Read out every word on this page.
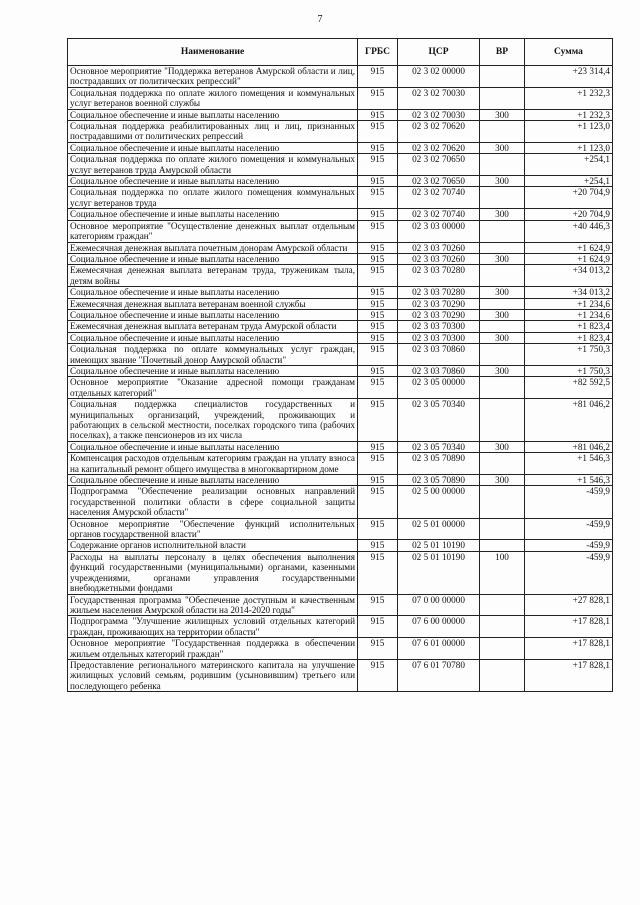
7
Наименование	ГРБС	ЦСР	ВР	Сумма
Основное мероприятие "Поддержка ветеранов Амурской области и лиц, пострадавших от политических репрессий"	915	02 3 02 00000		+23 314,4
Социальная поддержка по оплате жилого помещения и коммунальных услуг ветеранов военной службы	915	02 3 02 70030		+1 232,3
Социальное обеспечение и иные выплаты населению	915	02 3 02 70030	300	+1 232,3
Социальная поддержка реабилитированных лиц и лиц, признанных пострадавшими от политических репрессий	915	02 3 02 70620		+1 123,0
Социальное обеспечение и иные выплаты населению	915	02 3 02 70620	300	+1 123,0
Социальная поддержка по оплате жилого помещения и коммунальных услуг ветеранов труда Амурской области	915	02 3 02 70650		+254,1
Социальное обеспечение и иные выплаты населению	915	02 3 02 70650	300	+254,1
Социальная поддержка по оплате жилого помещения коммунальных услуг ветеранов труда	915	02 3 02 70740		+20 704,9
Социальное обеспечение и иные выплаты населению	915	02 3 02 70740	300	+20 704,9
Основное мероприятие "Осуществление денежных выплат отдельным категориям граждан"	915	02 3 03 00000		+40 446,3
Ежемесячная денежная выплата почетным донорам Амурской области	915	02 3 03 70260		+1 624,9
Социальное обеспечение и иные выплаты населению	915	02 3 03 70260	300	+1 624,9
Ежемесячная денежная выплата ветеранам труда, труженикам тыла, детям войны	915	02 3 03 70280		+34 013,2
Социальное обеспечение и иные выплаты населению	915	02 3 03 70280	300	+34 013,2
Ежемесячная денежная выплата ветеранам военной службы	915	02 3 03 70290		+1 234,6
Социальное обеспечение и иные выплаты населению	915	02 3 03 70290	300	+1 234,6
Ежемесячная денежная выплата ветеранам труда Амурской области	915	02 3 03 70300		+1 823,4
Социальное обеспечение и иные выплаты населению	915	02 3 03 70300	300	+1 823,4
Социальная поддержка по оплате коммунальных услуг граждан, имеющих звание "Почетный донор Амурской области"	915	02 3 03 70860		+1 750,3
Социальное обеспечение и иные выплаты населению	915	02 3 03 70860	300	+1 750,3
Основное мероприятие "Оказание адресной помощи гражданам отдельных категорий"	915	02 3 05 00000		+82 592,5
Социальная поддержка специалистов государственных и муниципальных организаций, учреждений, проживающих и работающих в сельской местности, поселках городского типа (рабочих поселках), а также пенсионеров из их числа	915	02 3 05 70340		+81 046,2
Социальное обеспечение и иные выплаты населению	915	02 3 05 70340	300	+81 046,2
Компенсация расходов отдельным категориям граждан на уплату взноса на капитальный ремонт общего имущества в многоквартирном доме	915	02 3 05 70890		+1 546,3
Социальное обеспечение и иные выплаты населению	915	02 3 05 70890	300	+1 546,3
Подпрограмма "Обеспечение реализации основных направлений государственной политики области в сфере социальной защиты населения Амурской области"	915	02 5 00 00000		-459,9
Основное мероприятие "Обеспечение функций исполнительных органов государственной власти"	915	02 5 01 00000		-459,9
Содержание органов исполнительной власти	915	02 5 01 10190		-459,9
Расходы на выплаты персоналу в целях обеспечения выполнения функций государственными (муниципальными) органами, казенными учреждениями, органами управления государственными внебюджетными фондами	915	02 5 01 10190	100	-459,9
Государственная программа "Обеспечение доступным и качественным жильем населения Амурской области на 2014-2020 годы"	915	07 0 00 00000		+27 828,1
Подпрограмма "Улучшение жилищных условий отдельных категорий граждан, проживающих на территории области"	915	07 6 00 00000		+17 828,1
Основное мероприятие "Государственная поддержка в обеспечении жильем отдельных категорий граждан"	915	07 6 01 00000		+17 828,1
Предоставление регионального материнского капитала на улучшение жилищных условий семьям, родившим (усыновившим) третьего или последующего ребенка	915	07 6 01 70780		+17 828,1
